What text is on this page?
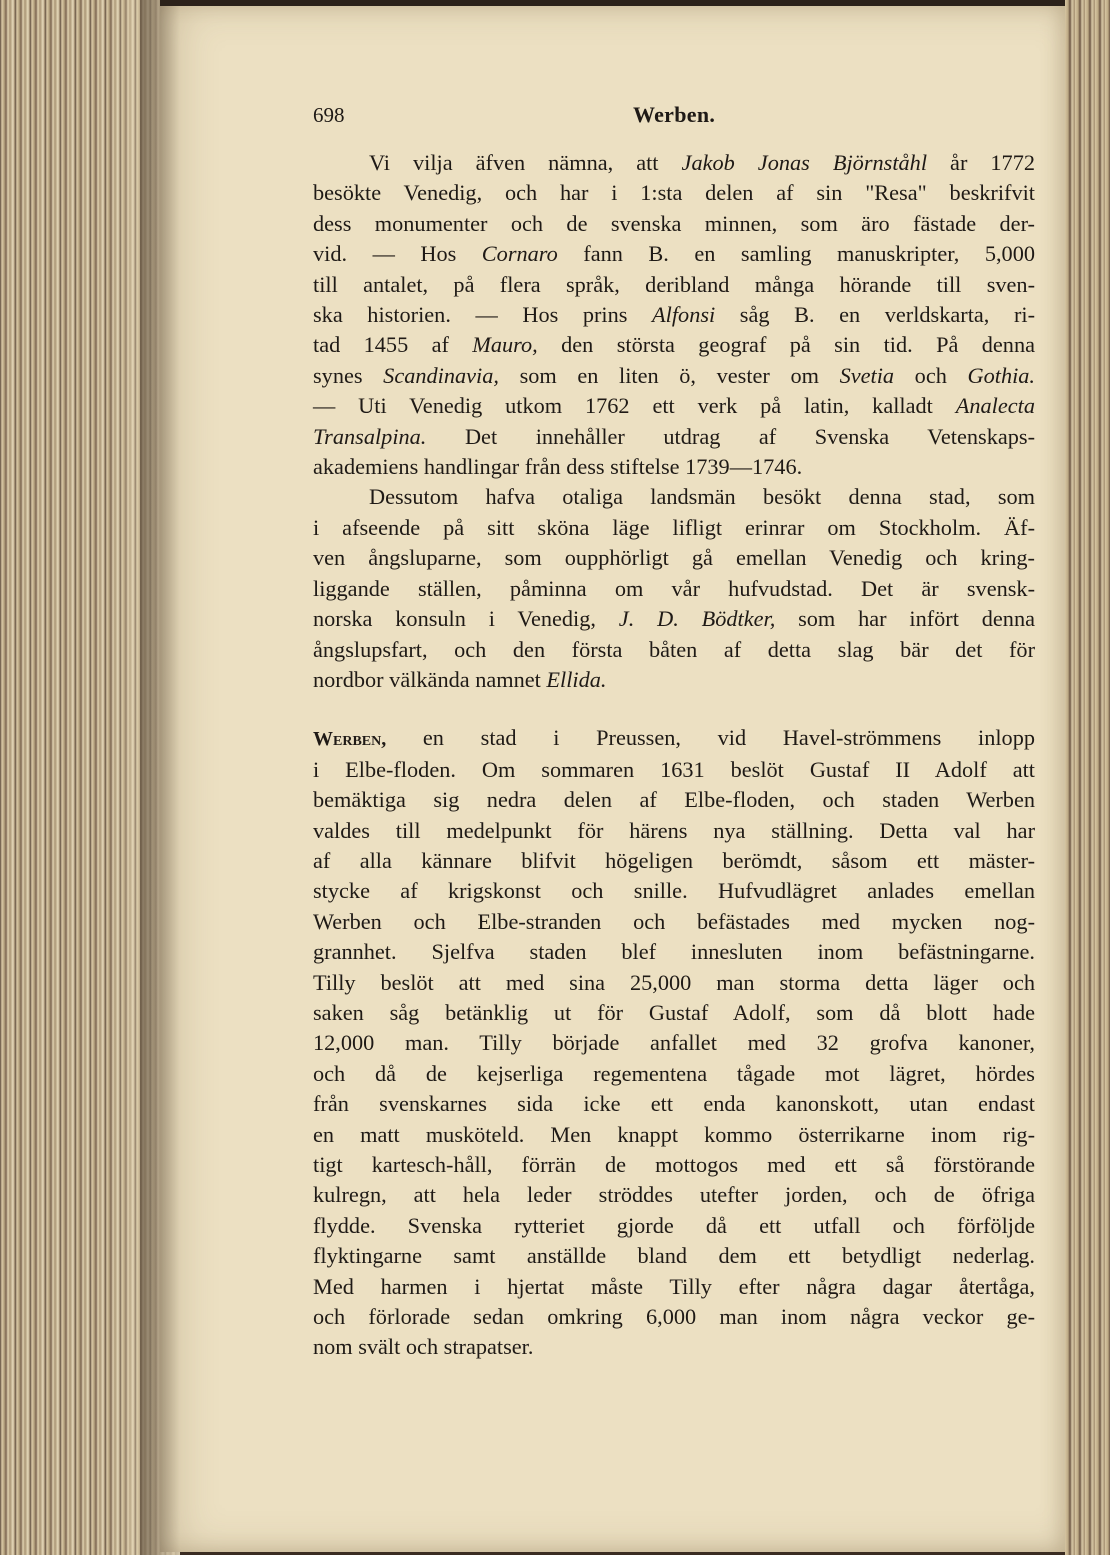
698	Werben.
Vi vilja äfven nämna, att Jakob Jonas Björnståhl år 1772
besökte Venedig, och har i 1:sta delen af sin "Resa" beskrifvit
dess monumenter och de svenska minnen, som äro fästade der-
vid. — Hos Cornaro fann B. en samling manuskripter, 5,000
till antalet, på flera språk, deribland många hörande till sven-
ska historien. — Hos prins Alfonsi såg B. en verldskarta, ri-
tad 1455 af Mauro, den största geograf på sin tid. På denna
synes Scandinavia, som en liten ö, vester om Svetia och Gothia.
— Uti Venedig utkom 1762 ett verk på latin, kalladt Analecta
Transalpina. Det innehåller utdrag af Svenska Vetenskaps-
akademiens handlingar från dess stiftelse 1739—1746.
Dessutom hafva otaliga landsmän besökt denna stad, som
i afseende på sitt sköna läge lifligt erinrar om Stockholm. Äf-
ven ångsluparne, som oupphörligt gå emellan Venedig och kring-
liggande ställen, påminna om vår hufvudstad. Det är svensk-
norska konsuln i Venedig, J. D. Bödtker, som har infört denna
ångslupsfart, och den första båten af detta slag bär det för
nordbor välkända namnet Ellida.
Werben, en stad i Preussen, vid Havel-strömmens inlopp
i Elbe-floden. Om sommaren 1631 beslöt Gustaf II Adolf att
bemäktiga sig nedra delen af Elbe-floden, och staden Werben
valdes till medelpunkt för härens nya ställning. Detta val har
af alla kännare blifvit högeligen berömdt, såsom ett mäster-
stycke af krigskonst och snille. Hufvudlägret anlades emellan
Werben och Elbe-stranden och befästades med mycken nog-
grannhet. Sjelfva staden blef innesluten inom befästningarne.
Tilly beslöt att med sina 25,000 man storma detta läger och
saken såg betänklig ut för Gustaf Adolf, som då blott hade
12,000 man. Tilly började anfallet med 32 grofva kanoner,
och då de kejserliga regementena tågade mot lägret, hördes
från svenskarnes sida icke ett enda kanonskott, utan endast
en matt musköteld. Men knappt kommo österrikarne inom rig-
tigt kartesch-håll, förrän de mottogos med ett så förstörande
kulregn, att hela leder ströddes utefter jorden, och de öfriga
flydde. Svenska rytteriet gjorde då ett utfall och förföljde
flyktingarne samt anställde bland dem ett betydligt nederlag.
Med harmen i hjertat måste Tilly efter några dagar återtåga,
och förlorade sedan omkring 6,000 man inom några veckor ge-
nom svält och strapatser.
